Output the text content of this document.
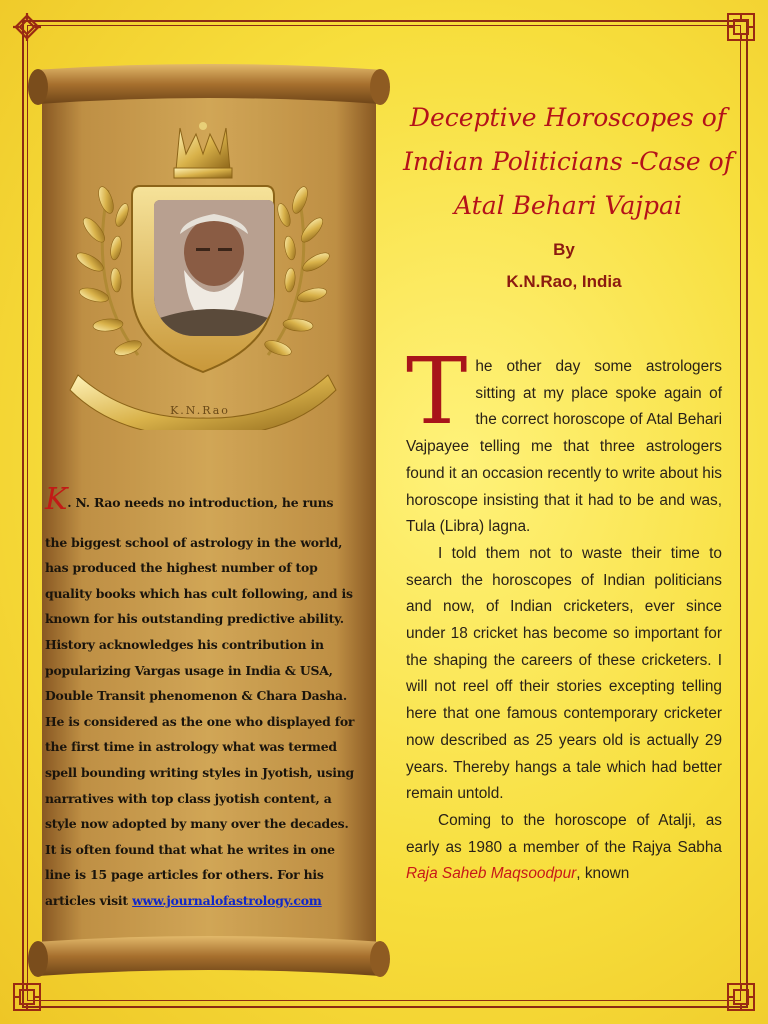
K.N.Rao
K. N. Rao needs no introduction, he runs
the biggest school of astrology in the world, has produced the highest number of top quality books which has cult following, and is known for his outstanding predictive ability. History acknowledges his contribution in popularizing Vargas usage in India & USA, Double Transit phenomenon & Chara Dasha. He is considered as the one who displayed for the first time in astrology what was termed spell bounding writing styles in Jyotish, using narratives with top class jyotish content, a style now adopted by many over the decades. It is often found that what he writes in one line is 15 page articles for others. For his articles visit www.journalofastrology.com
Deceptive Horoscopes of
Indian Politicians -Case of
Atal Behari Vajpai
By
K.N.Rao, India

The other day some astrologers sitting at my place spoke again of the correct horoscope of Atal Behari Vajpayee telling me that three astrologers found it an occasion recently to write about his horoscope insisting that it had to be and was, Tula (Libra) lagna.

I told them not to waste their time to search the horoscopes of Indian politicians and now, of Indian cricketers, ever since under 18 cricket has become so important for the shaping the careers of these cricketers. I will not reel off their stories excepting telling here that one famous contemporary cricketer now described as 25 years old is actually 29 years. Thereby hangs a tale which had better remain untold.

Coming to the horoscope of Atalji, as early as 1980 a member of the Rajya Sabha Raja Saheb Maqsoodpur, known
